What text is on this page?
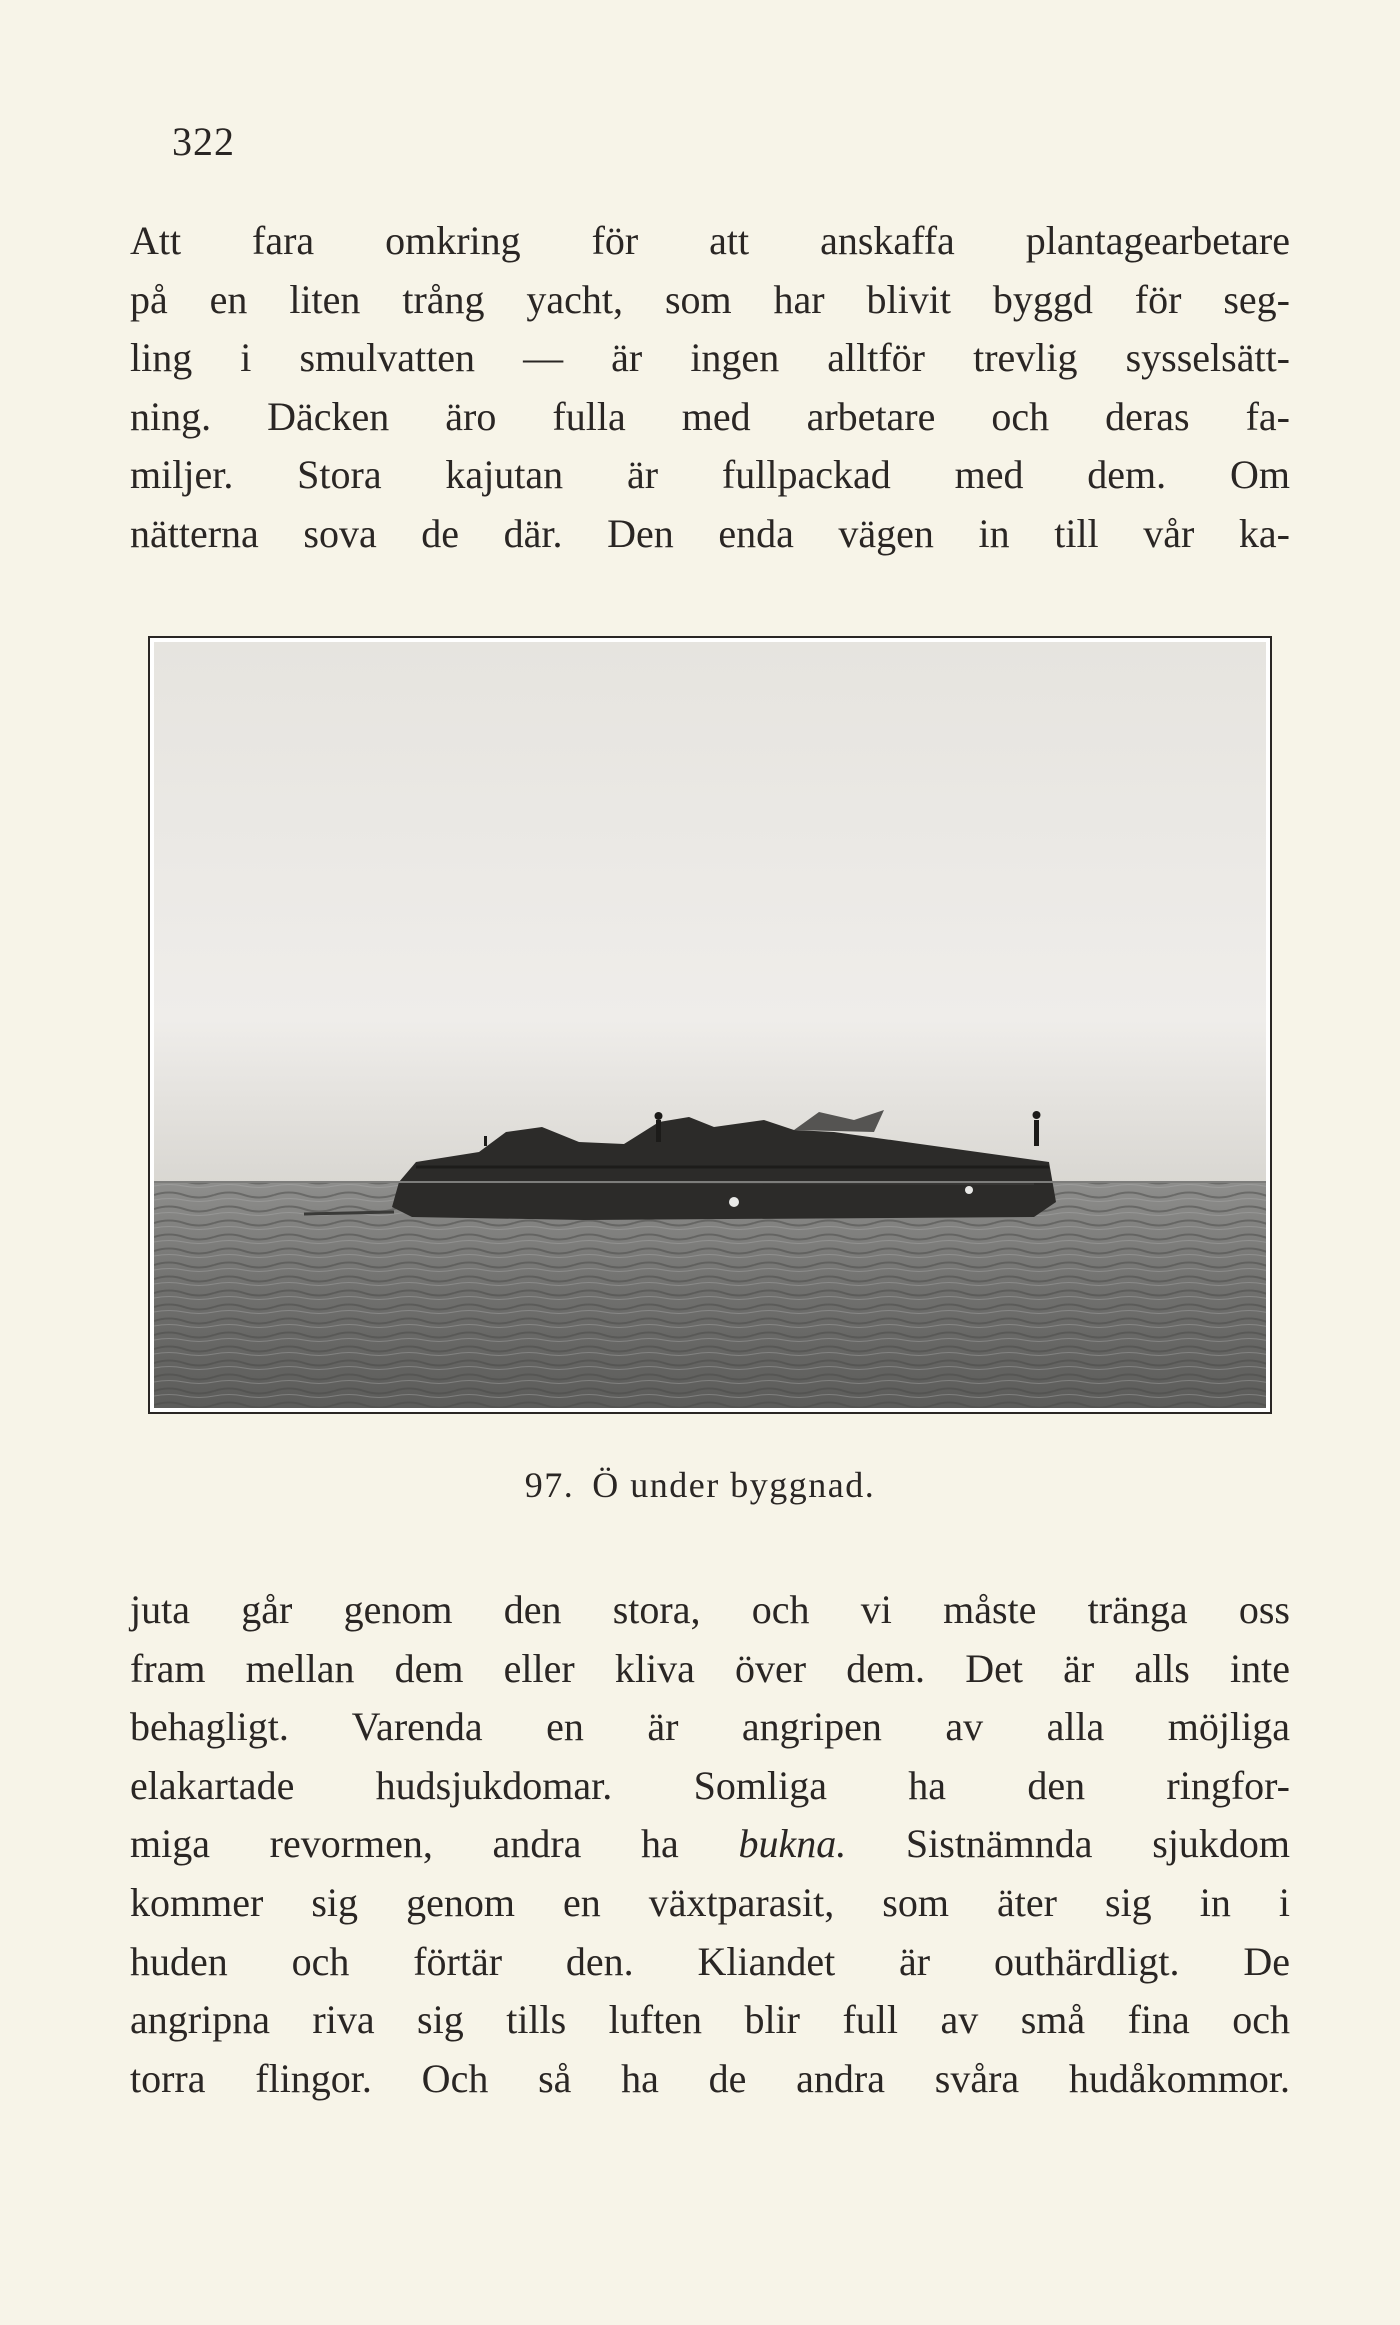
322
Att fara omkring för att anskaffa plantagearbetare
på en liten trång yacht, som har blivit byggd för seg-
ling i smulvatten — är ingen alltför trevlig sysselsätt-
ning. Däcken äro fulla med arbetare och deras fa-
miljer. Stora kajutan är fullpackad med dem. Om
nätterna sova de där. Den enda vägen in till vår ka-
97. Ö under byggnad.
juta går genom den stora, och vi måste tränga oss
fram mellan dem eller kliva över dem. Det är alls inte
behagligt. Varenda en är angripen av alla möjliga
elakartade hudsjukdomar. Somliga ha den ringfor-
miga revormen, andra ha bukna. Sistnämnda sjukdom
kommer sig genom en växtparasit, som äter sig in i
huden och förtär den. Kliandet är outhärdligt. De
angripna riva sig tills luften blir full av små fina och
torra flingor. Och så ha de andra svåra hudåkommor.
